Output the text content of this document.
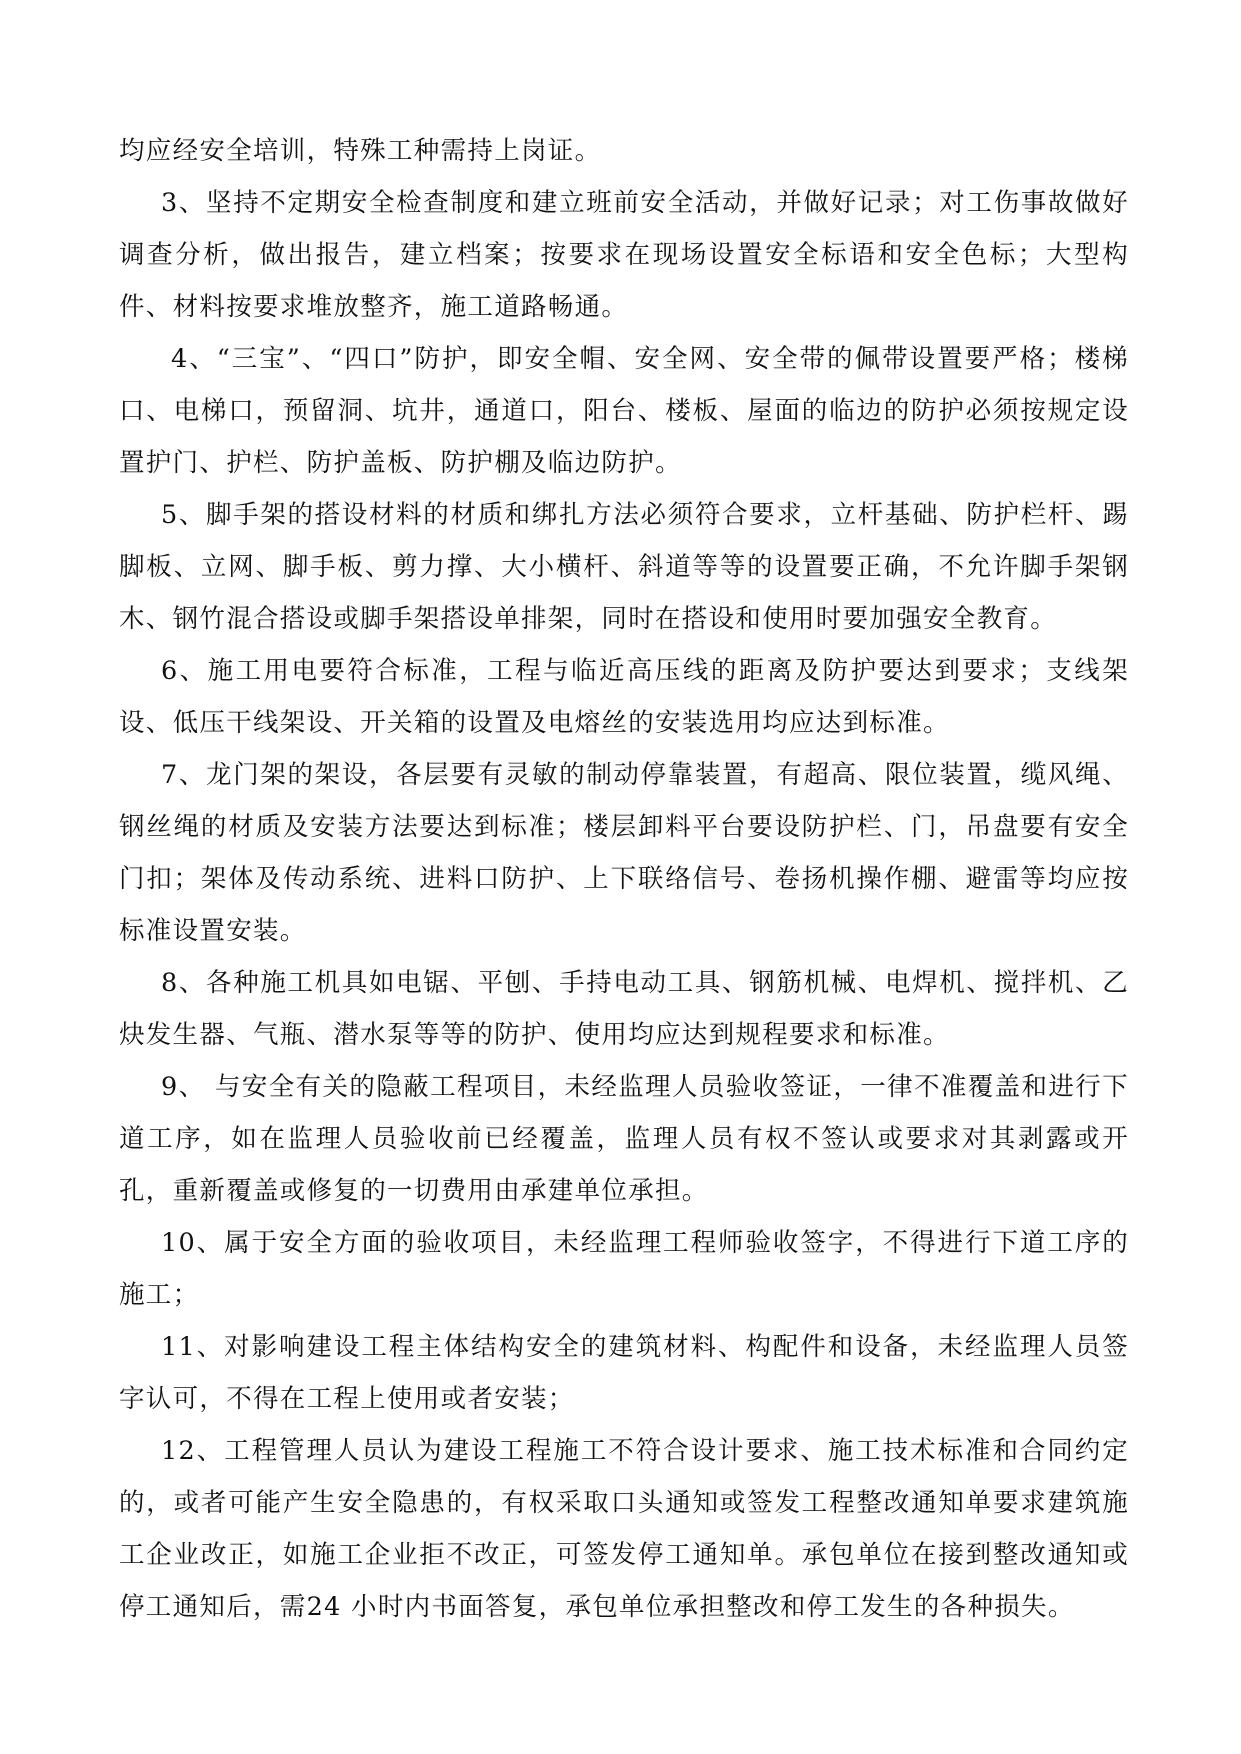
均应经安全培训，特殊工种需持上岗证。

3、坚持不定期安全检查制度和建立班前安全活动，并做好记录；对工伤事故做好调查分析，做出报告，建立档案；按要求在现场设置安全标语和安全色标；大型构件、材料按要求堆放整齐，施工道路畅通。

4、“三宝”、“四口”防护，即安全帽、安全网、安全带的佩带设置要严格；楼梯口、电梯口，预留洞、坑井，通道口，阳台、楼板、屋面的临边的防护必须按规定设置护门、护栏、防护盖板、防护棚及临边防护。

5、脚手架的搭设材料的材质和绑扎方法必须符合要求，立杆基础、防护栏杆、踢脚板、立网、脚手板、剪力撑、大小横杆、斜道等等的设置要正确，不允许脚手架钢木、钢竹混合搭设或脚手架搭设单排架，同时在搭设和使用时要加强安全教育。

6、施工用电要符合标准，工程与临近高压线的距离及防护要达到要求；支线架设、低压干线架设、开关箱的设置及电熔丝的安装选用均应达到标准。

7、龙门架的架设，各层要有灵敏的制动停靠装置，有超高、限位装置，缆风绳、钢丝绳的材质及安装方法要达到标准；楼层卸料平台要设防护栏、门，吊盘要有安全门扣；架体及传动系统、进料口防护、上下联络信号、卷扬机操作棚、避雷等均应按标准设置安装。

8、各种施工机具如电锯、平刨、手持电动工具、钢筋机械、电焊机、搅拌机、乙炔发生器、气瓶、潜水泵等等的防护、使用均应达到规程要求和标准。

9、 与安全有关的隐蔽工程项目，未经监理人员验收签证，一律不准覆盖和进行下道工序，如在监理人员验收前已经覆盖，监理人员有权不签认或要求对其剥露或开孔，重新覆盖或修复的一切费用由承建单位承担。

10、属于安全方面的验收项目，未经监理工程师验收签字，不得进行下道工序的施工；

11、对影响建设工程主体结构安全的建筑材料、构配件和设备，未经监理人员签字认可，不得在工程上使用或者安装；

12、工程管理人员认为建设工程施工不符合设计要求、施工技术标准和合同约定的，或者可能产生安全隐患的，有权采取口头通知或签发工程整改通知单要求建筑施工企业改正，如施工企业拒不改正，可签发停工通知单。承包单位在接到整改通知或停工通知后，需24 小时内书面答复，承包单位承担整改和停工发生的各种损失。
